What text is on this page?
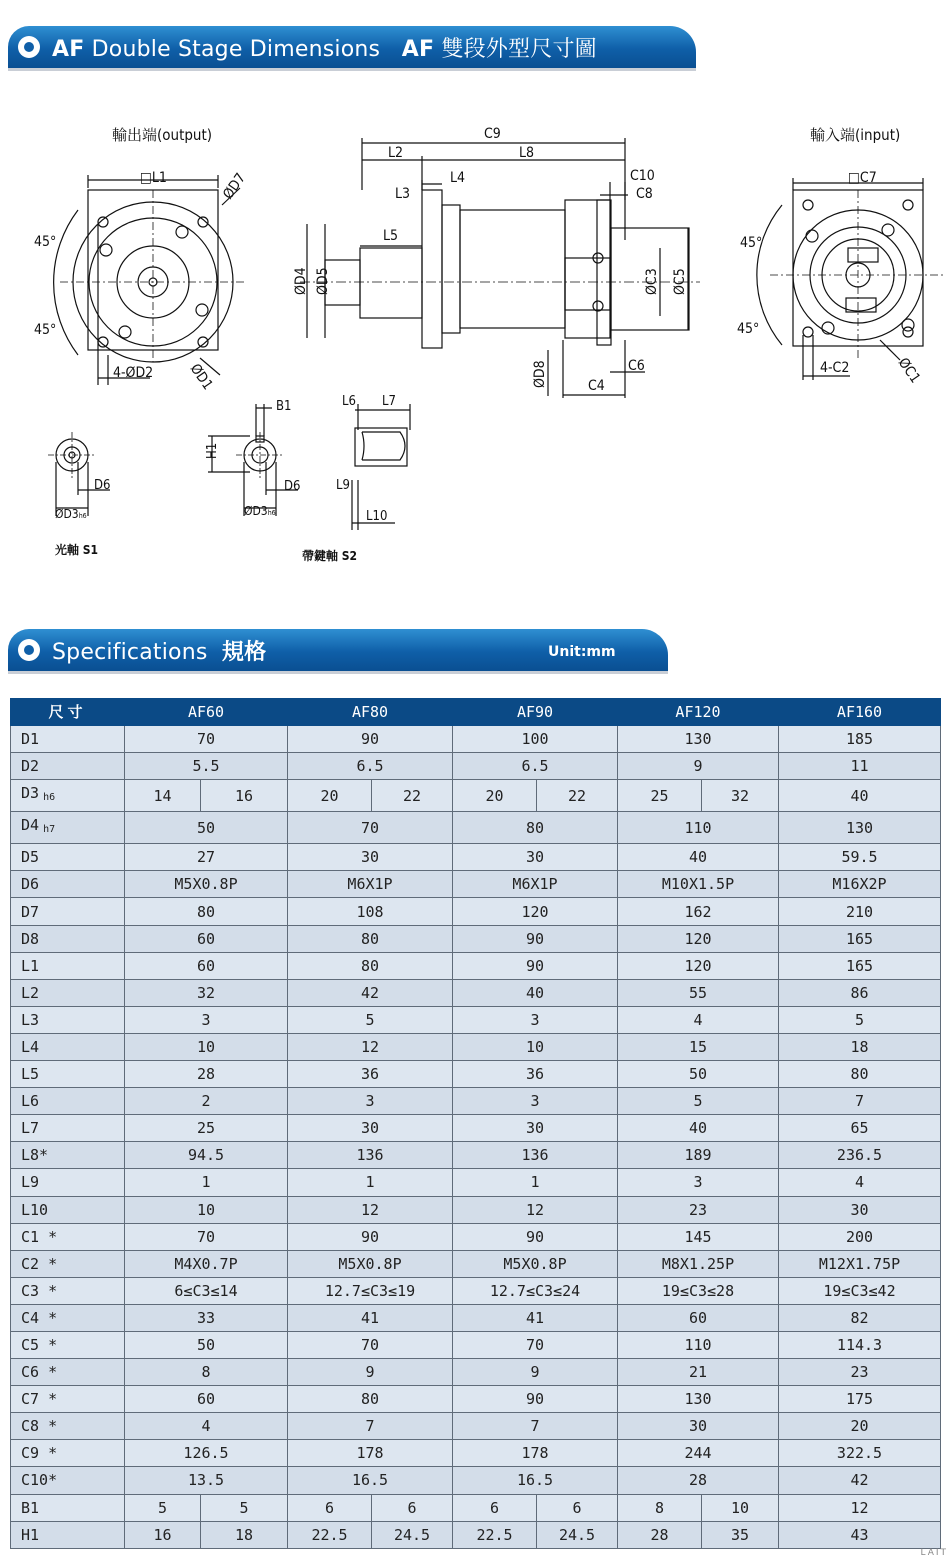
AF Double Stage Dimensions AF 雙段外型尺寸圖
輸出端(output)
□L1	ØD7
45°
45°
4-ØD2 ØD1
C9
L2	L8
L3
L4
L5
ØD4 ØD5
C10
C8
ØC3 ØC5
ØD8	C6
C4
輸入端(input)
□C7
45°
45°
4-C2	ØC1
D6
ØD3h6
光軸 S1
B1
H1
D6
ØD3h6
L6 L7
L9
L10
帶鍵軸 S2
Specifications 規格	Unit:mm
尺寸	AF60		AF80		AF90		AF120		AF160
D1	70		90		100		130		185
D2	5.5		6.5		6.5		9		11
D3 $_{h6}$	14	16	20	22	20	22	25	32	40
D4 $_{h7}$	50		70		80		110		130
D5	27		30		30		40		59.5
D6	M5X0.8P		M6X1P		M6X1P		M10X1.5P		M16X2P
D7	80		108		120		162		210
D8	60		80		90		120		165
L1	60		80		90		120		165
L2	32		42		40		55		86
L3	3		5		3		4		5
L4	10		12		10		15		18
L5	28		36		36		50		80
L6	2		3		3		5		7
L7	25		30		30		40		65
L8*	94.5		136		136		189		236.5
L9	1		1		1		3		4
L10	10		12		12		23		30
C1 *	70		90		90		145		200
C2 *	M4X0.7P		M5X0.8P		M5X0.8P		M8X1.25P		M12X1.75P
C3 *	6≤C3≤14		12.7≤C3≤19		12.7≤C3≤24		19≤C3≤28		19≤C3≤42
C4 *	33		41		41		60		82
C5 *	50		70		70		110		114.3
C6 *	8		9		9		21		23
C7 *	60		80		90		130		175
C8 *	4		7		7		30		20
C9 *	126.5		178		178		244		322.5
C10*	13.5		16.5		16.5		28		42
B1	5	5	6	6	6	6	8	10	12
H1	16	18	22.5	24.5	22.5	24.5	28	35	43
LAIT
